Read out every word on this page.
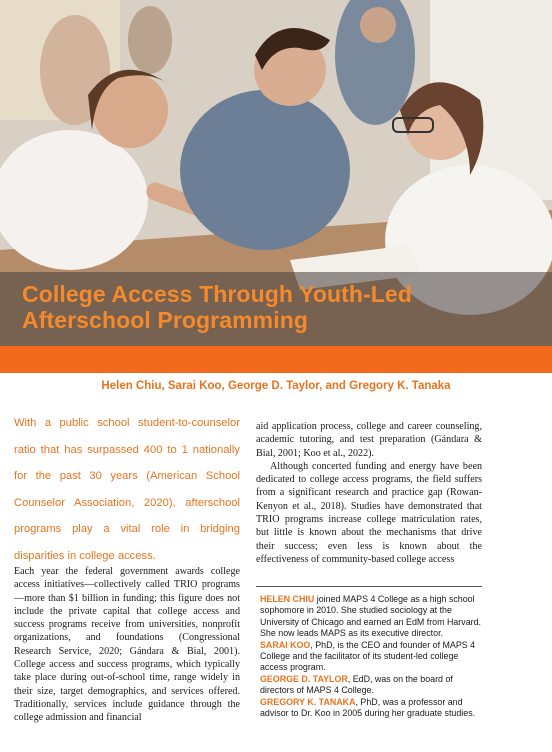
College Access Through Youth-Led Afterschool Programming

Helen Chiu, Sarai Koo, George D. Taylor, and Gregory K. Tanaka

With a public school student-to-counselor ratio that has surpassed 400 to 1 nationally for the past 30 years (American School Counselor Association, 2020), afterschool programs play a vital role in bridging disparities in college access.

Each year the federal government awards college access initiatives—collectively called TRIO programs—more than $1 billion in funding; this figure does not include the private capital that college access and success programs receive from universities, nonprofit organizations, and foundations (Congressional Research Service, 2020; Gándara & Bial, 2001). College access and success programs, which typically take place during out-of-school time, range widely in their size, target demographics, and services offered. Traditionally, services include guidance through the college admission and financial

aid application process, college and career counseling, academic tutoring, and test preparation (Gándara & Bial, 2001; Koo et al., 2022).

Although concerted funding and energy have been dedicated to college access programs, the field suffers from a significant research and practice gap (Rowan-Kenyon et al., 2018). Studies have demonstrated that TRIO programs increase college matriculation rates, but little is known about the mechanisms that drive their success; even less is known about the effectiveness of community-based college access

HELEN CHIU joined MAPS 4 College as a high school sophomore in 2010. She studied sociology at the University of Chicago and earned an EdM from Harvard. She now leads MAPS as its executive director.

SARAI KOO, PhD, is the CEO and founder of MAPS 4 College and the facilitator of its student-led college access program.

GEORGE D. TAYLOR, EdD, was on the board of directors of MAPS 4 College.

GREGORY K. TANAKA, PhD, was a professor and advisor to Dr. Koo in 2005 during her graduate studies.
